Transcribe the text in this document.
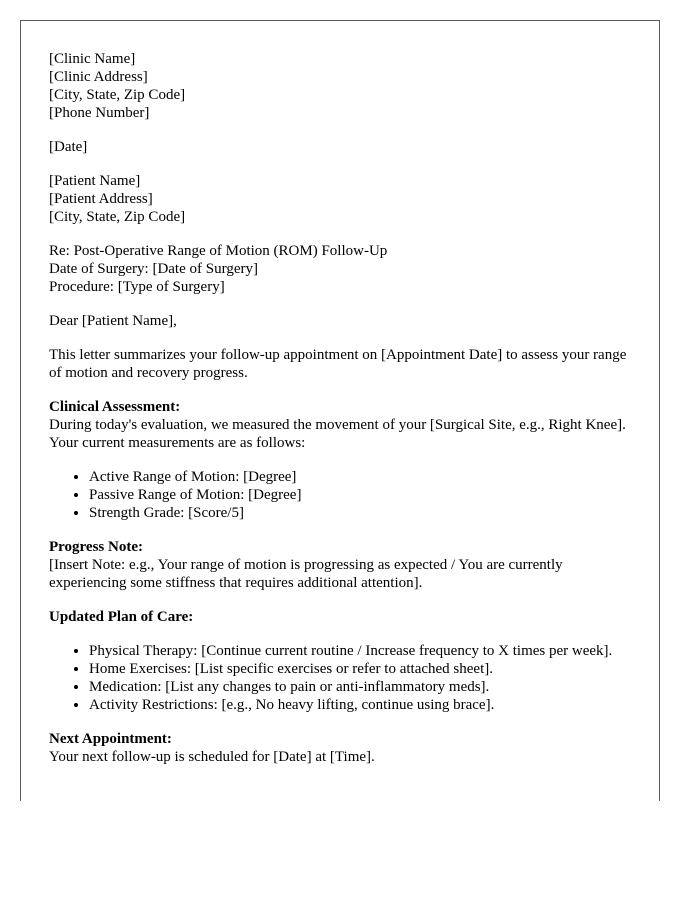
[Clinic Name]

[Clinic Address]

[City, State, Zip Code]

[Phone Number]

[Date]

[Patient Name]

[Patient Address]

[City, State, Zip Code]

Re: Post-Operative Range of Motion (ROM) Follow-Up

Date of Surgery: [Date of Surgery]

Procedure: [Type of Surgery]

Dear [Patient Name],

This letter summarizes your follow-up appointment on [Appointment Date] to assess your range of motion and recovery progress.

Clinical Assessment:

During today's evaluation, we measured the movement of your [Surgical Site, e.g., Right Knee]. Your current measurements are as follows:

• Active Range of Motion: [Degree]
• Passive Range of Motion: [Degree]
• Strength Grade: [Score/5]

Progress Note:

[Insert Note: e.g., Your range of motion is progressing as expected / You are currently experiencing some stiffness that requires additional attention].

Updated Plan of Care:

• Physical Therapy: [Continue current routine / Increase frequency to X times per week].
• Home Exercises: [List specific exercises or refer to attached sheet].
• Medication: [List any changes to pain or anti-inflammatory meds].
• Activity Restrictions: [e.g., No heavy lifting, continue using brace].

Next Appointment:

Your next follow-up is scheduled for [Date] at [Time].
